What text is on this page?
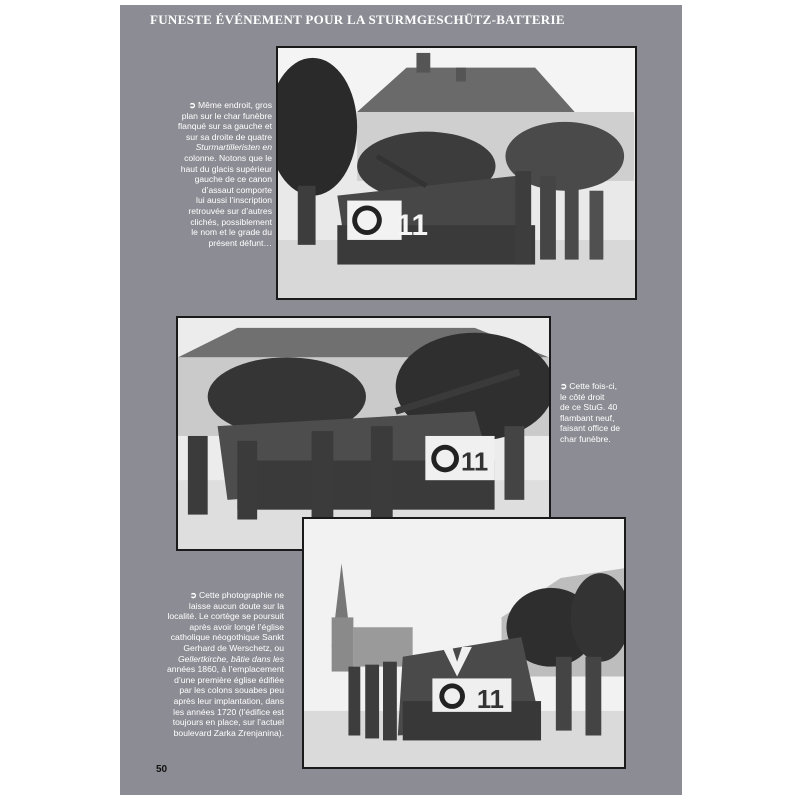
FUNESTE ÉVÉNEMENT POUR LA STURMGESCHÜTZ-BATTERIE
11

➲ Même endroit, gros

plan sur le char funèbre

flanqué sur sa gauche et

sur sa droite de quatre

Sturmartilleristen en

colonne. Notons que le

haut du glacis supérieur

gauche de ce canon

d’assaut comporte

lui aussi l’inscription

retrouvée sur d’autres

clichés, possiblement

le nom et le grade du

présent défunt…

11

➲ Cette fois-ci,

le côté droit

de ce StuG. 40

flambant neuf,

faisant office de

char funèbre.

11

➲ Cette photographie ne

laisse aucun doute sur la

localité. Le cortège se poursuit

après avoir longé l’église

catholique néogothique Sankt

Gerhard de Werschetz, ou

Gellertkirche, bâtie dans les

années 1860, à l’emplacement

d’une première église édifiée

par les colons souabes peu

après leur implantation, dans

les années 1720 (l’édifice est

toujours en place, sur l’actuel

boulevard Zarka Zrenjanina).

50
